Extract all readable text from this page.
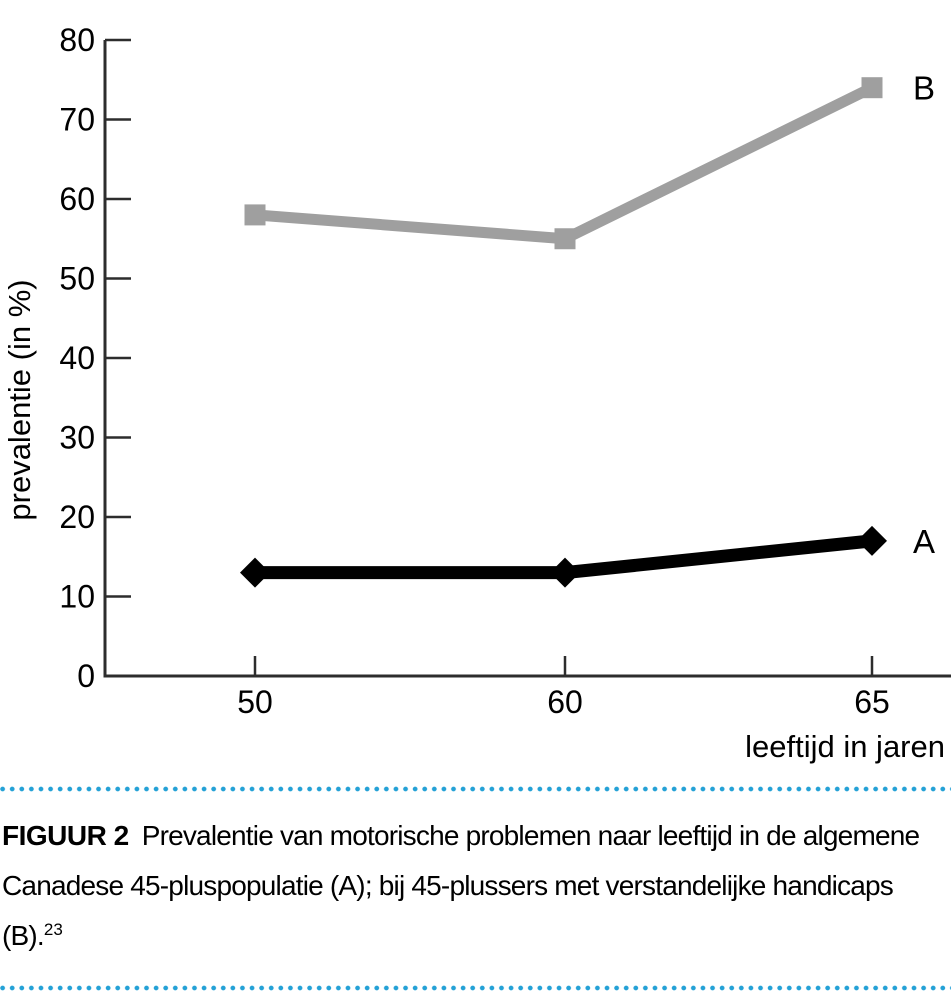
0
10
20
30
40
50
60
70
80
50	60	65
leeftijd in jaren
prevalentie (in %)
B
A
FIGUUR 2 Prevalentie van motorische problemen naar leeftijd in de algemene
Canadese 45-pluspopulatie (A); bij 45-plussers met verstandelijke handicaps
(B).$^{23}$
